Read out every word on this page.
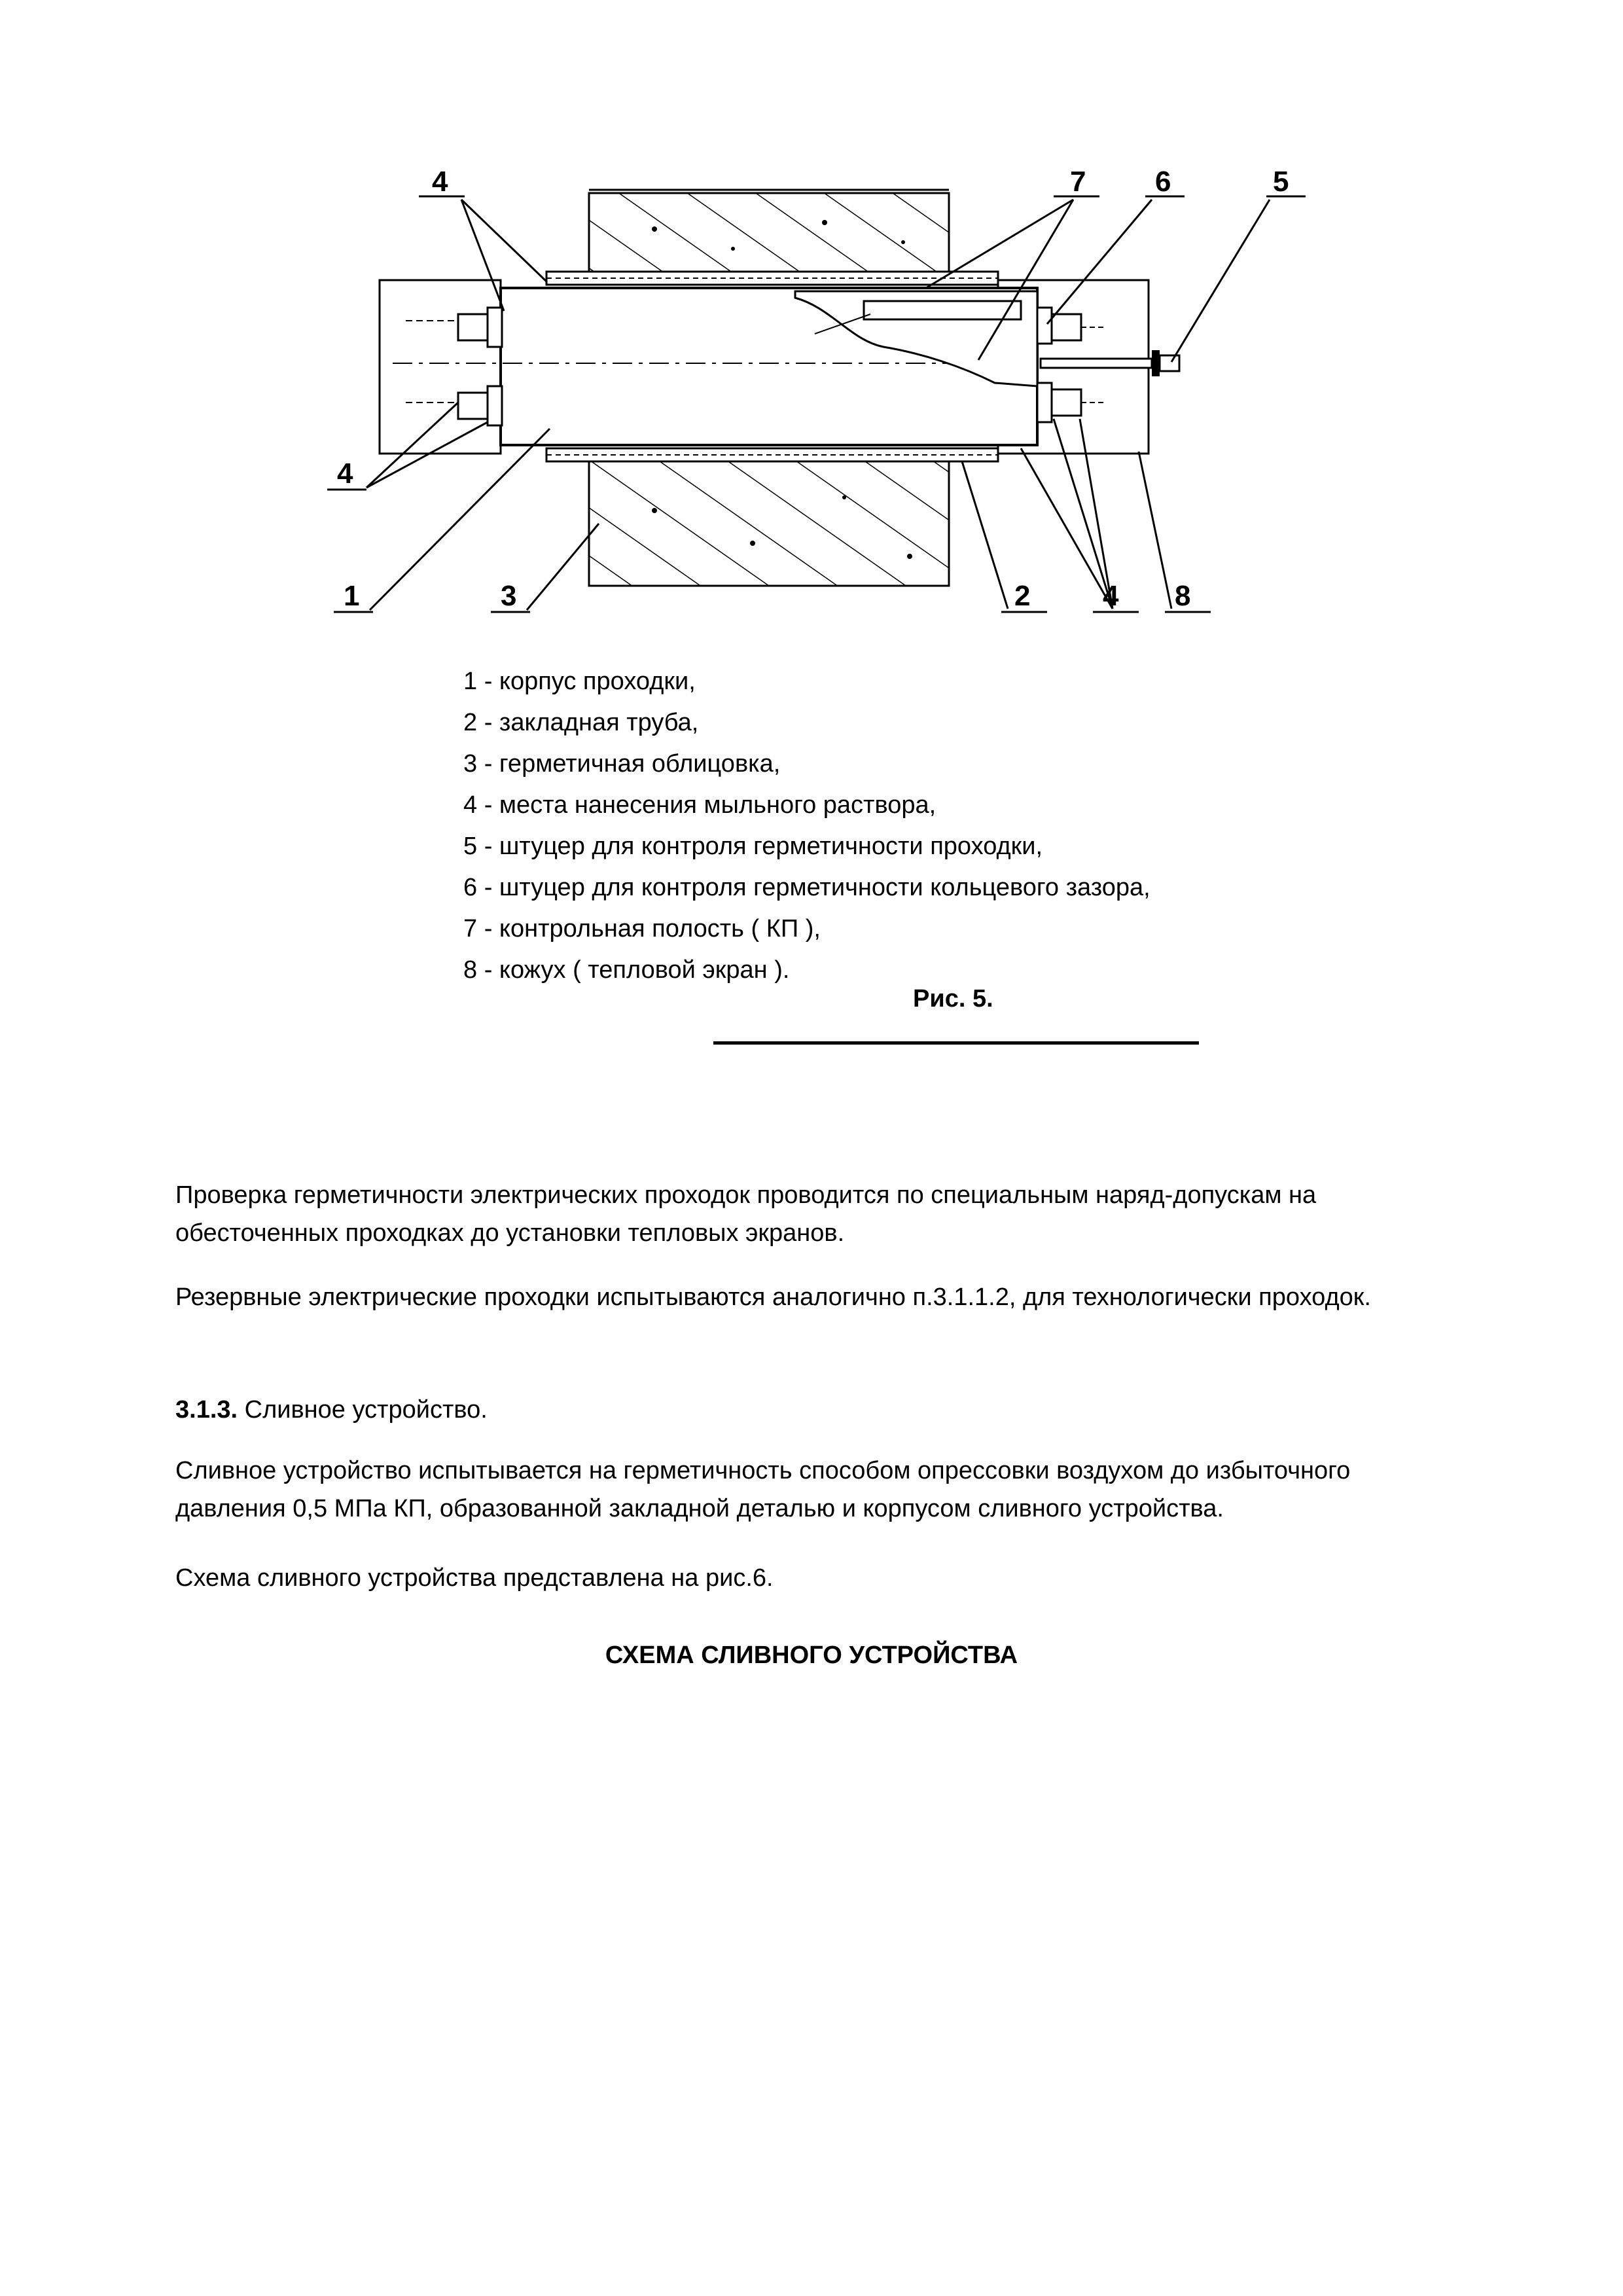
4	7 6	5
4
1	3	2	4 8
1 - корпус проходки,
2 - закладная труба,
3 - герметичная облицовка,
4 - места нанесения мыльного раствора,
5 - штуцер для контроля герметичности проходки,
6 - штуцер для контроля герметичности кольцевого зазора,
7 - контрольная полость ( КП ),
8 - кожух ( тепловой экран ).
Рис. 5.
Проверка герметичности электрических проходок проводится по специальным наряд-допускам на обесточенных проходках до установки тепловых экранов.
Резервные электрические проходки испытываются аналогично п.3.1.1.2, для технологически проходок.
3.1.3. Сливное устройство.
Сливное устройство испытывается на герметичность способом опрессовки воздухом до избыточного давления 0,5 МПа КП, образованной закладной деталью и корпусом сливного устройства.
Схема сливного устройства представлена на рис.6.
СХЕМА СЛИВНОГО УСТРОЙСТВА
